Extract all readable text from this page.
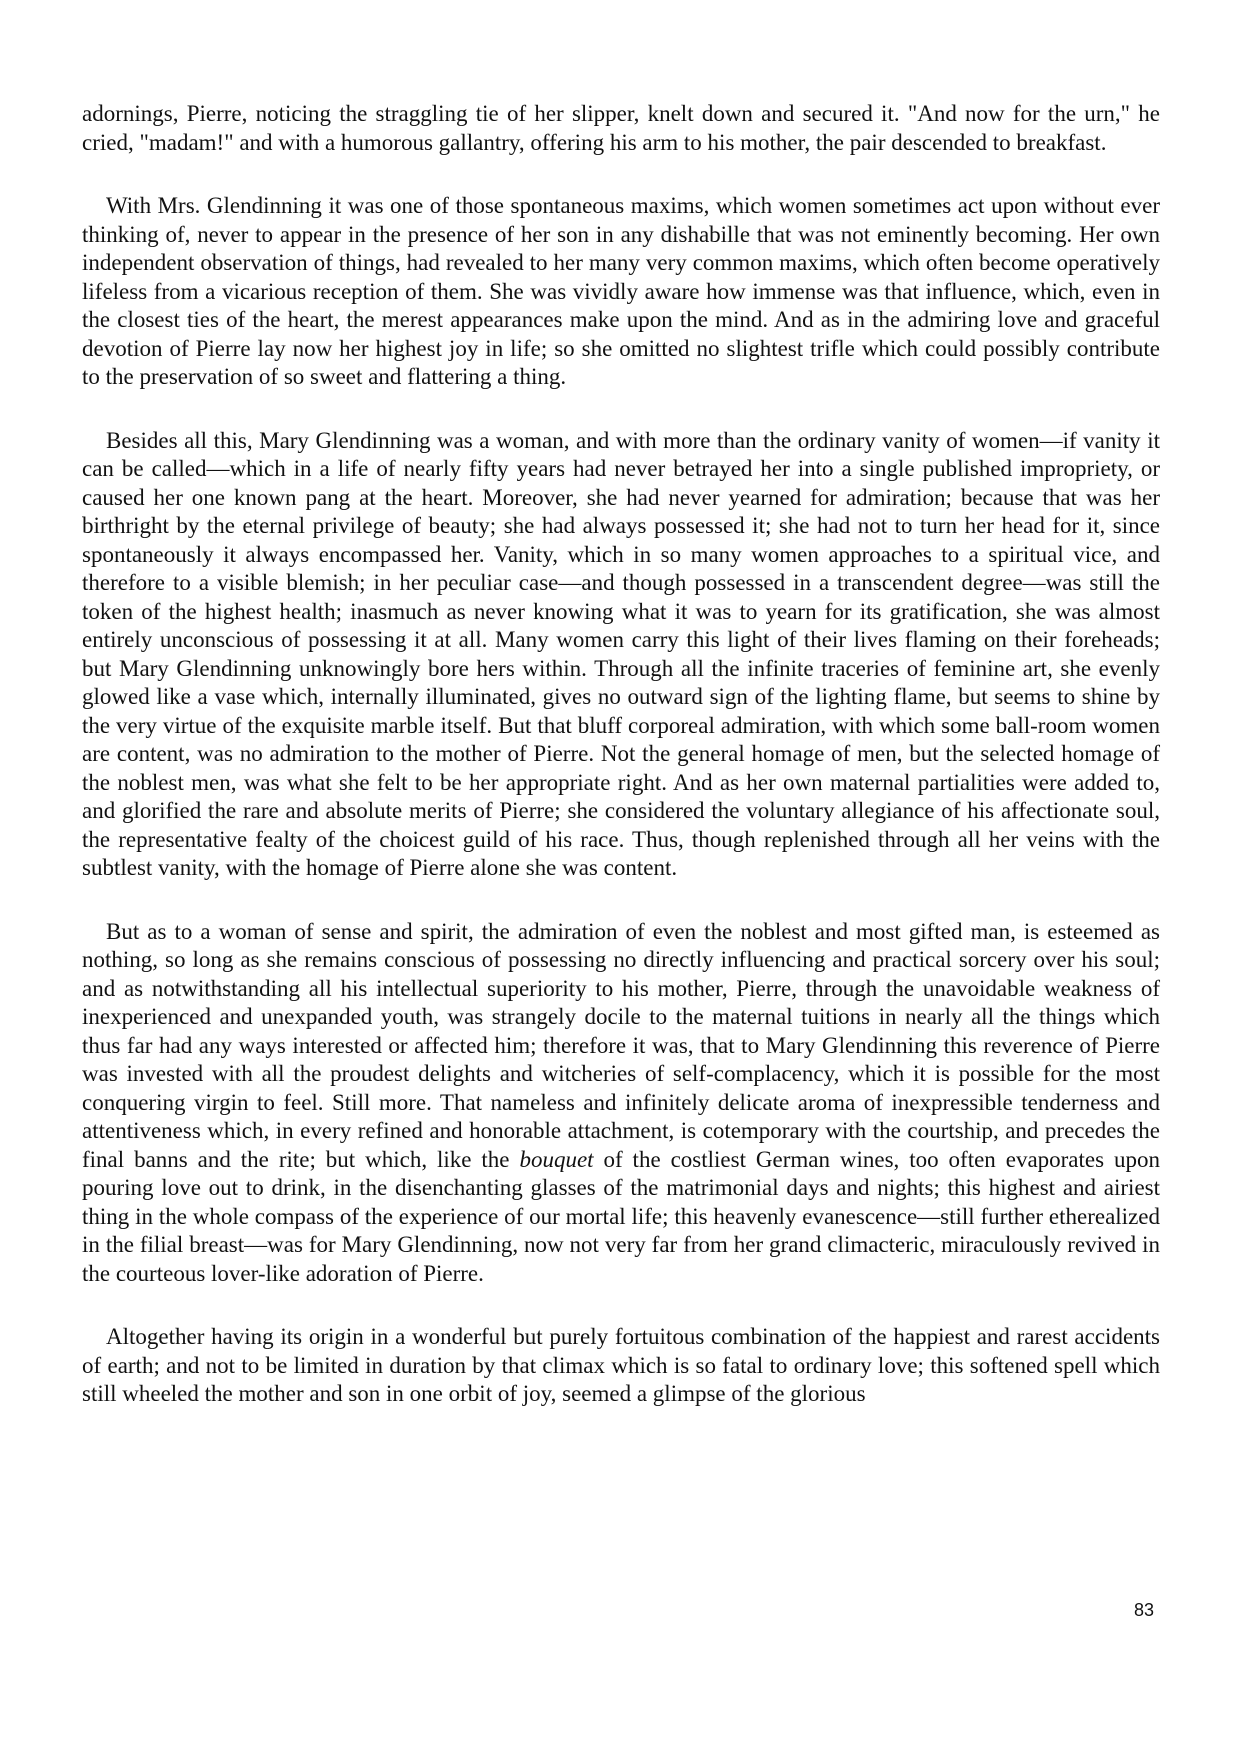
adornings, Pierre, noticing the straggling tie of her slipper, knelt down and secured it. "And now for the urn," he cried, "madam!" and with a humorous gallantry, offering his arm to his mother, the pair descended to breakfast.

With Mrs. Glendinning it was one of those spontaneous maxims, which women sometimes act upon without ever thinking of, never to appear in the presence of her son in any dishabille that was not eminently becoming. Her own independent observation of things, had revealed to her many very common maxims, which often become operatively lifeless from a vicarious reception of them. She was vividly aware how immense was that influence, which, even in the closest ties of the heart, the merest appearances make upon the mind. And as in the admiring love and graceful devotion of Pierre lay now her highest joy in life; so she omitted no slightest trifle which could possibly contribute to the preservation of so sweet and flattering a thing.

Besides all this, Mary Glendinning was a woman, and with more than the ordinary vanity of women—if vanity it can be called—which in a life of nearly fifty years had never betrayed her into a single published impropriety, or caused her one known pang at the heart. Moreover, she had never yearned for admiration; because that was her birthright by the eternal privilege of beauty; she had always possessed it; she had not to turn her head for it, since spontaneously it always encompassed her. Vanity, which in so many women approaches to a spiritual vice, and therefore to a visible blemish; in her peculiar case—and though possessed in a transcendent degree—was still the token of the highest health; inasmuch as never knowing what it was to yearn for its gratification, she was almost entirely unconscious of possessing it at all. Many women carry this light of their lives flaming on their foreheads; but Mary Glendinning unknowingly bore hers within. Through all the infinite traceries of feminine art, she evenly glowed like a vase which, internally illuminated, gives no outward sign of the lighting flame, but seems to shine by the very virtue of the exquisite marble itself. But that bluff corporeal admiration, with which some ball-room women are content, was no admiration to the mother of Pierre. Not the general homage of men, but the selected homage of the noblest men, was what she felt to be her appropriate right. And as her own maternal partialities were added to, and glorified the rare and absolute merits of Pierre; she considered the voluntary allegiance of his affectionate soul, the representative fealty of the choicest guild of his race. Thus, though replenished through all her veins with the subtlest vanity, with the homage of Pierre alone she was content.

But as to a woman of sense and spirit, the admiration of even the noblest and most gifted man, is esteemed as nothing, so long as she remains conscious of possessing no directly influencing and practical sorcery over his soul; and as notwithstanding all his intellectual superiority to his mother, Pierre, through the unavoidable weakness of inexperienced and unexpanded youth, was strangely docile to the maternal tuitions in nearly all the things which thus far had any ways interested or affected him; therefore it was, that to Mary Glendinning this reverence of Pierre was invested with all the proudest delights and witcheries of self-complacency, which it is possible for the most conquering virgin to feel. Still more. That nameless and infinitely delicate aroma of inexpressible tenderness and attentiveness which, in every refined and honorable attachment, is cotemporary with the courtship, and precedes the final banns and the rite; but which, like the bouquet of the costliest German wines, too often evaporates upon pouring love out to drink, in the disenchanting glasses of the matrimonial days and nights; this highest and airiest thing in the whole compass of the experience of our mortal life; this heavenly evanescence—still further etherealized in the filial breast—was for Mary Glendinning, now not very far from her grand climacteric, miraculously revived in the courteous lover-like adoration of Pierre.

Altogether having its origin in a wonderful but purely fortuitous combination of the happiest and rarest accidents of earth; and not to be limited in duration by that climax which is so fatal to ordinary love; this softened spell which still wheeled the mother and son in one orbit of joy, seemed a glimpse of the glorious

83
